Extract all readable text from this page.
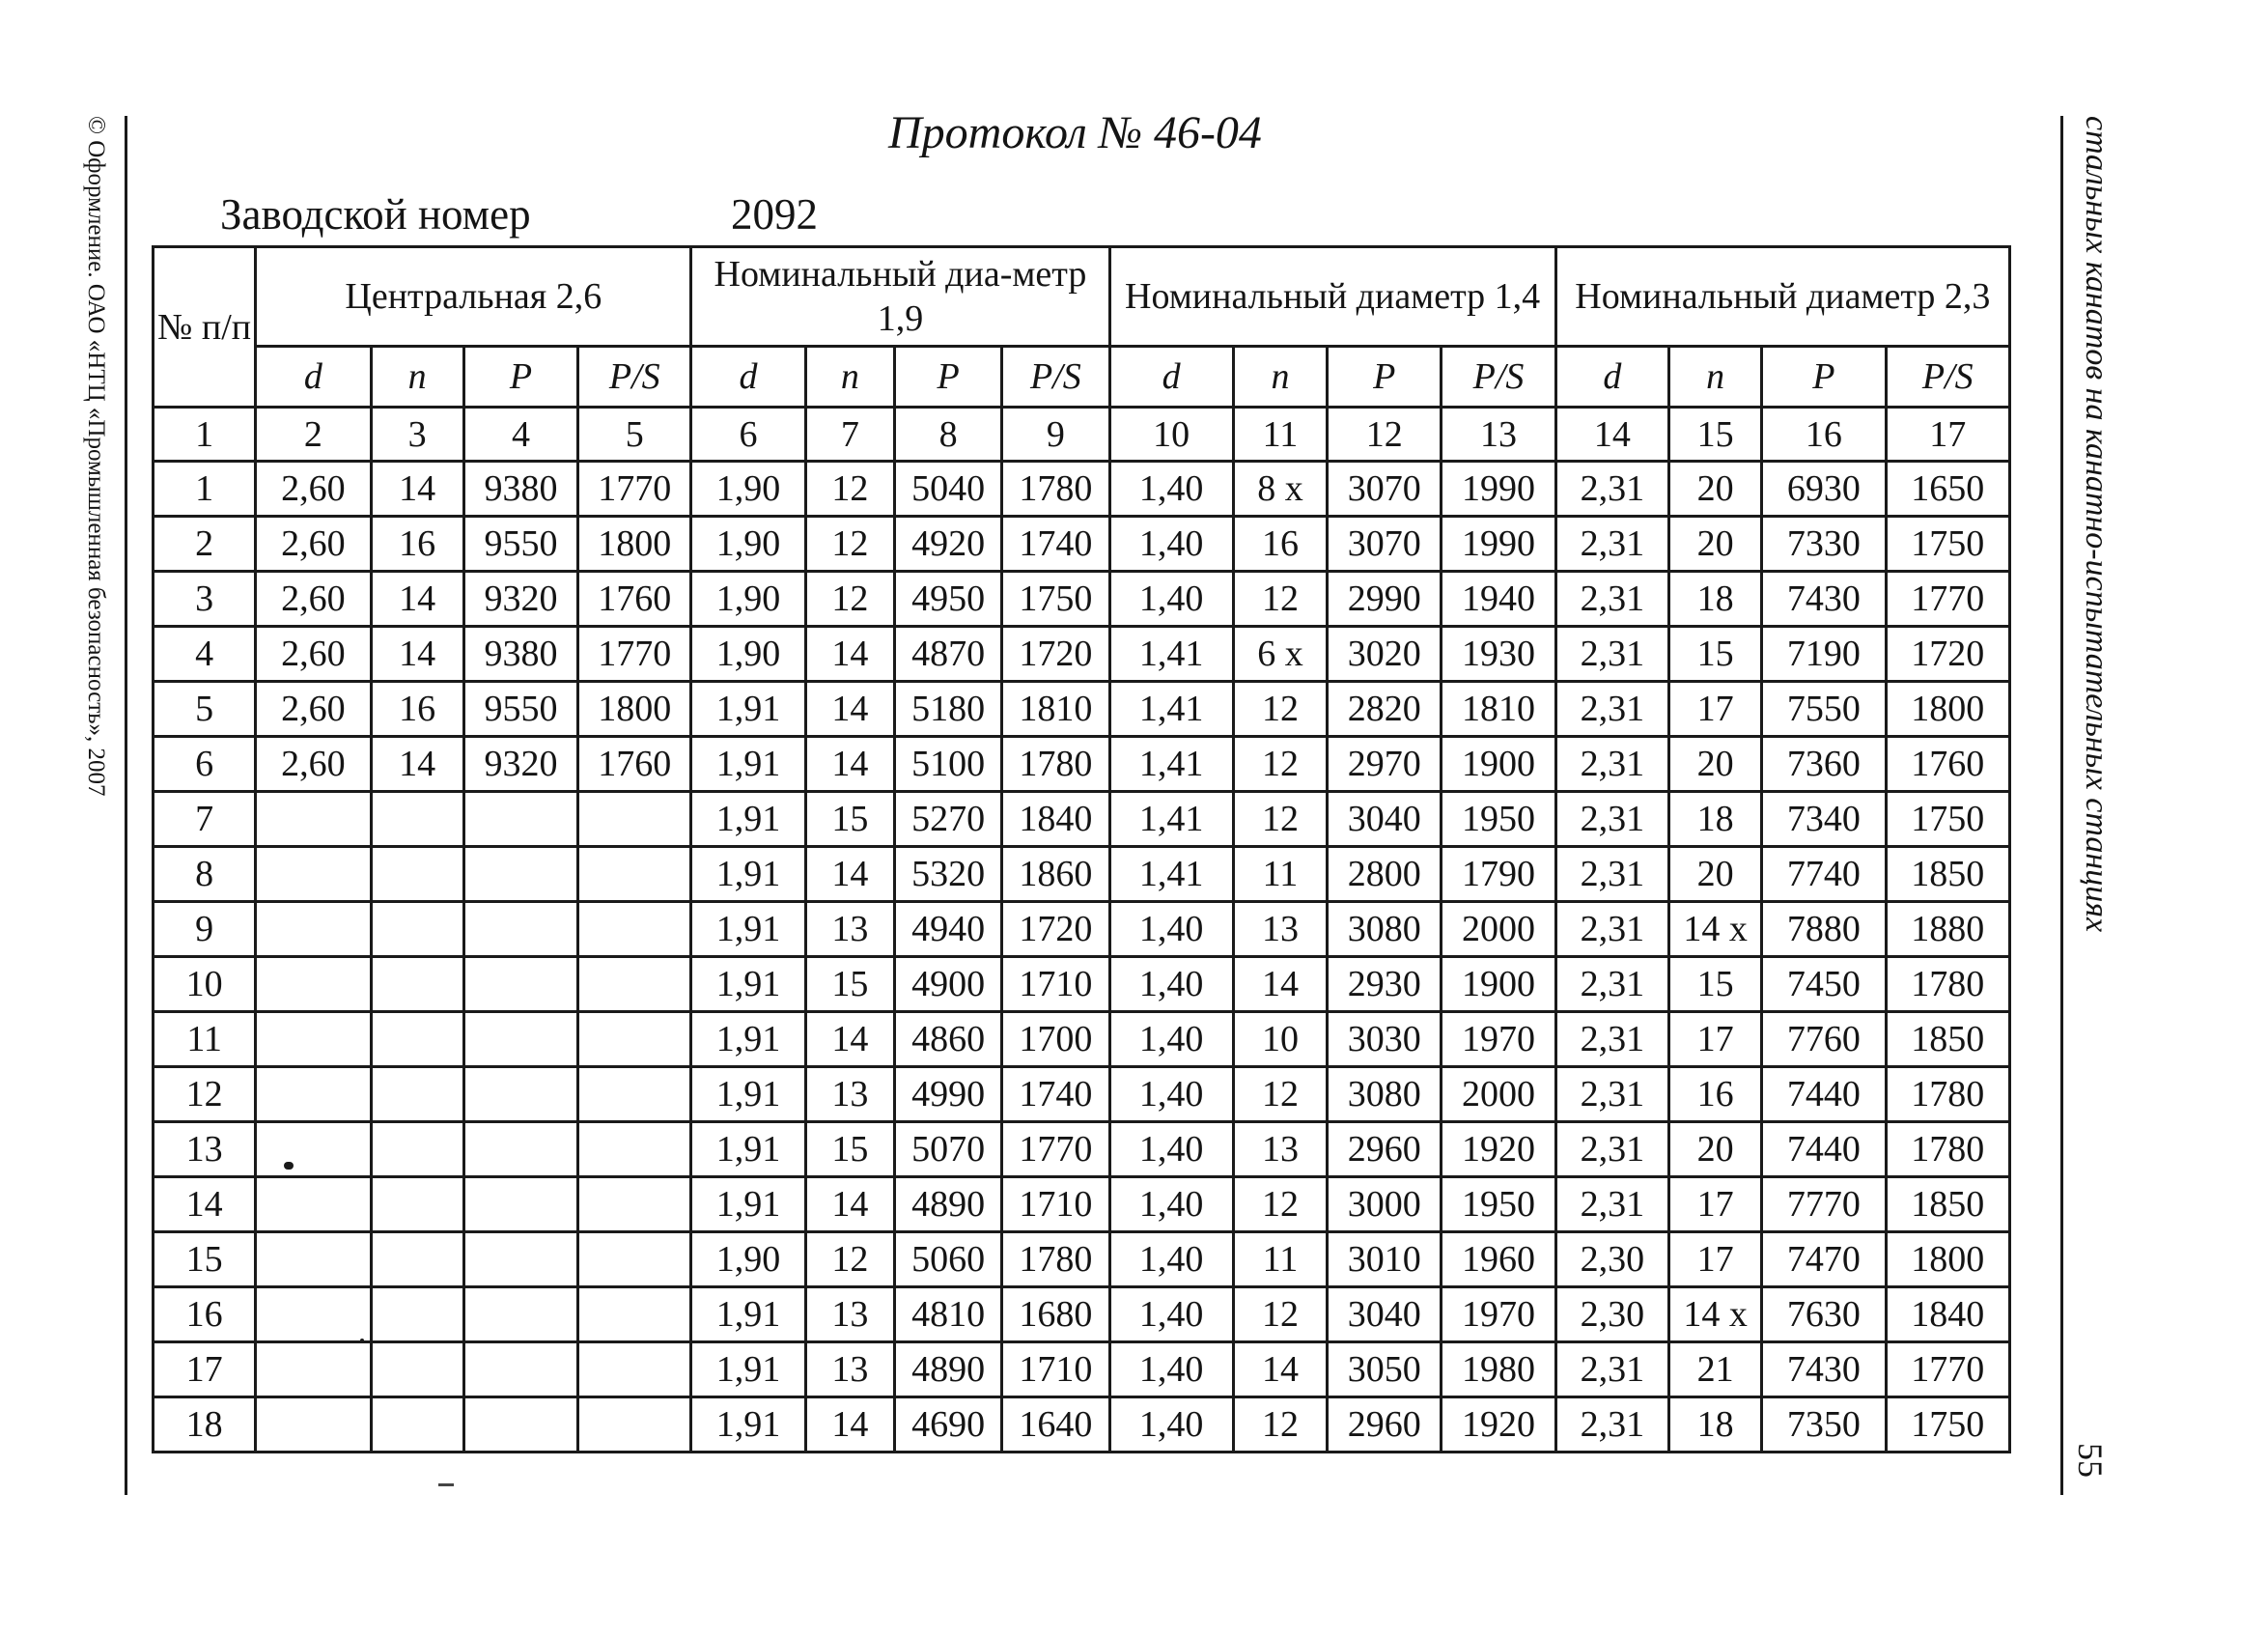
© Оформление. ОАО «НТЦ «Промышленная безопасность», 2007	стальных канатов на канатно-испытательных станциях
55
Протокол № 46-04
Заводской номер	2092
№ п/п	Центральная 2,6				Номинальный диа-метр 1,9				Номинальный диаметр 1,4				Номинальный диаметр 2,3			
	d	n	P	P/S	d	n	P	P/S	d	n	P	P/S	d	n	P	P/S
1	2	3	4	5	6	7	8	9	10	11	12	13	14	15	16	17
1	2,60	14	9380	1770	1,90	12	5040	1780	1,40	8 x	3070	1990	2,31	20	6930	1650
2	2,60	16	9550	1800	1,90	12	4920	1740	1,40	16	3070	1990	2,31	20	7330	1750
3	2,60	14	9320	1760	1,90	12	4950	1750	1,40	12	2990	1940	2,31	18	7430	1770
4	2,60	14	9380	1770	1,90	14	4870	1720	1,41	6 x	3020	1930	2,31	15	7190	1720
5	2,60	16	9550	1800	1,91	14	5180	1810	1,41	12	2820	1810	2,31	17	7550	1800
6	2,60	14	9320	1760	1,91	14	5100	1780	1,41	12	2970	1900	2,31	20	7360	1760
7					1,91	15	5270	1840	1,41	12	3040	1950	2,31	18	7340	1750
8					1,91	14	5320	1860	1,41	11	2800	1790	2,31	20	7740	1850
9					1,91	13	4940	1720	1,40	13	3080	2000	2,31	14 x	7880	1880
10					1,91	15	4900	1710	1,40	14	2930	1900	2,31	15	7450	1780
11					1,91	14	4860	1700	1,40	10	3030	1970	2,31	17	7760	1850
12					1,91	13	4990	1740	1,40	12	3080	2000	2,31	16	7440	1780
13					1,91	15	5070	1770	1,40	13	2960	1920	2,31	20	7440	1780
14					1,91	14	4890	1710	1,40	12	3000	1950	2,31	17	7770	1850
15					1,90	12	5060	1780	1,40	11	3010	1960	2,30	17	7470	1800
16					1,91	13	4810	1680	1,40	12	3040	1970	2,30	14 x	7630	1840
17					1,91	13	4890	1710	1,40	14	3050	1980	2,31	21	7430	1770
18					1,91	14	4690	1640	1,40	12	2960	1920	2,31	18	7350	1750
